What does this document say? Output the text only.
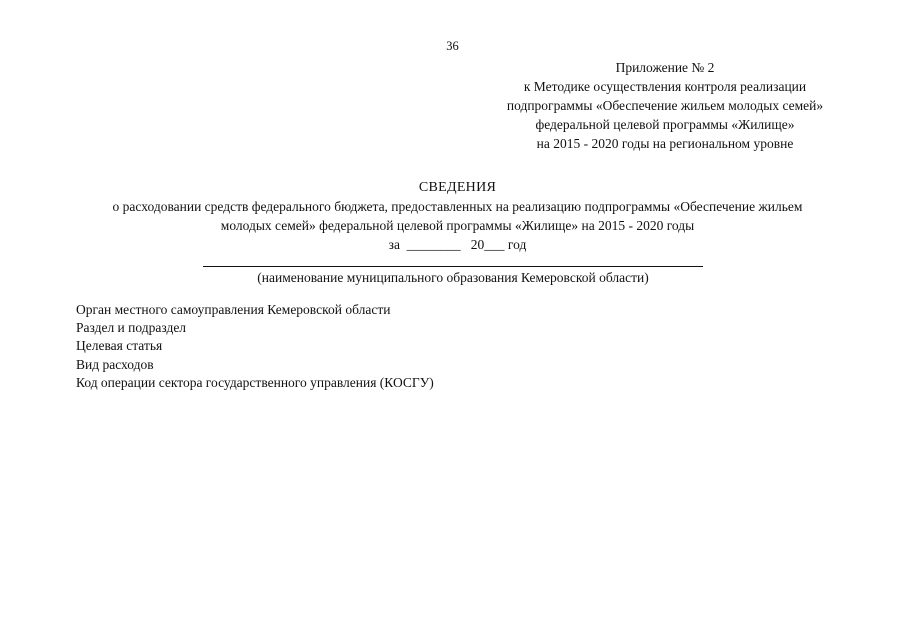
36
Приложение № 2
к Методике осуществления контроля реализации
подпрограммы «Обеспечение жильем молодых семей»
федеральной целевой программы «Жилище»
на 2015 - 2020 годы на региональном уровне
СВЕДЕНИЯ
о расходовании средств федерального бюджета, предоставленных на реализацию подпрограммы «Обеспечение жильем
молодых семей» федеральной целевой программы «Жилище» на 2015 - 2020 годы
за  ________   20___ год
(наименование муниципального образования Кемеровской области)
Орган местного самоуправления Кемеровской области
Раздел и подраздел
Целевая статья
Вид расходов
Код операции сектора государственного управления (КОСГУ)
